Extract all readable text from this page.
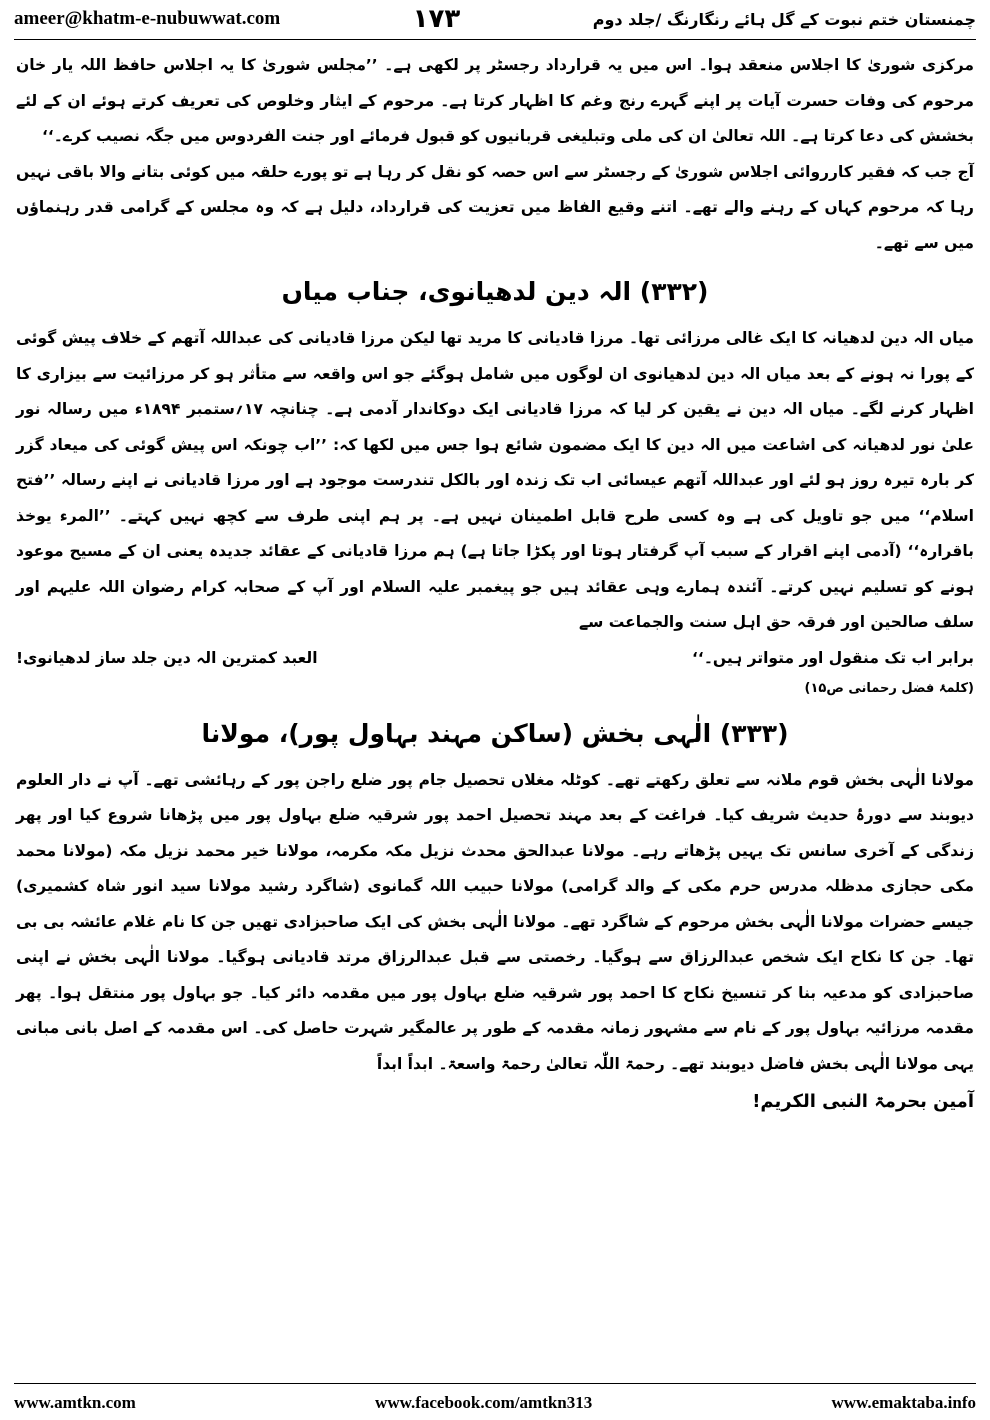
ameer@khatm-e-nubuwwat.com	۱۷۳	چمنستان ختم نبوت کے گل ہائے رنگارنگ /جلد دوم

مرکزی شوریٰ کا اجلاس منعقد ہوا۔ اس میں یہ قرارداد رجسٹر پر لکھی ہے۔ ’’مجلس شوریٰ کا یہ اجلاس حافظ اللہ یار خان مرحوم کی وفات حسرت آیات پر اپنے گہرے رنج وغم کا اظہار کرتا ہے۔ مرحوم کے ایثار وخلوص کی تعریف کرتے ہوئے ان کے لئے بخشش کی دعا کرتا ہے۔ اللہ تعالیٰ ان کی ملی وتبلیغی قربانیوں کو قبول فرمائے اور جنت الفردوس میں جگہ نصیب کرے۔‘‘

آج جب کہ فقیر کارروائی اجلاس شوریٰ کے رجسٹر سے اس حصہ کو نقل کر رہا ہے تو پورے حلقہ میں کوئی بتانے والا باقی نہیں رہا کہ مرحوم کہاں کے رہنے والے تھے۔ اتنے وقیع الفاظ میں تعزیت کی قرارداد، دلیل ہے کہ وہ مجلس کے گرامی قدر رہنماؤں میں سے تھے۔

(۳۳۲) الہ دین لدھیانوی، جناب میاں

میاں الہ دین لدھیانہ کا ایک غالی مرزائی تھا۔ مرزا قادیانی کا مرید تھا لیکن مرزا قادیانی کی عبداللہ آتھم کے خلاف پیش گوئی کے پورا نہ ہونے کے بعد میاں الہ دین لدھیانوی ان لوگوں میں شامل ہوگئے جو اس واقعہ سے متأثر ہو کر مرزائیت سے بیزاری کا اظہار کرنے لگے۔ میاں الہ دین نے یقین کر لیا کہ مرزا قادیانی ایک دوکاندار آدمی ہے۔ چنانچہ ۱۷؍ستمبر ۱۸۹۴ء میں رسالہ نور علیٰ نور لدھیانہ کی اشاعت میں الہ دین کا ایک مضمون شائع ہوا جس میں لکھا کہ: ’’اب چونکہ اس پیش گوئی کی میعاد گزر کر بارہ تیرہ روز ہو لئے اور عبداللہ آتھم عیسائی اب تک زندہ اور بالکل تندرست موجود ہے اور مرزا قادیانی نے اپنے رسالہ ’’فتح اسلام‘‘ میں جو تاویل کی ہے وہ کسی طرح قابل اطمینان نہیں ہے۔ پر ہم اپنی طرف سے کچھ نہیں کہتے۔ ’’المرء یوخذ باقرارہ‘‘ (آدمی اپنے اقرار کے سبب آپ گرفتار ہوتا اور پکڑا جاتا ہے) ہم مرزا قادیانی کے عقائد جدیدہ یعنی ان کے مسیح موعود ہونے کو تسلیم نہیں کرتے۔ آئندہ ہمارے وہی عقائد ہیں جو پیغمبر علیہ السلام اور آپ کے صحابہ کرام رضوان اللہ علیہم اور سلف صالحین اور فرقہ حق اہل سنت والجماعت سے

برابر اب تک منقول اور متواتر ہیں۔‘‘
العبد کمترین الہ دین جلد ساز لدھیانوی!
(کلمۂ فضل رحمانی ص۱۵)
(۳۳۳) الٰہی بخش (ساکن مہند بہاول پور)، مولانا

مولانا الٰہی بخش قوم ملانہ سے تعلق رکھتے تھے۔ کوٹلہ مغلاں تحصیل جام پور ضلع راجن پور کے رہائشی تھے۔ آپ نے دار العلوم دیوبند سے دورۂ حدیث شریف کیا۔ فراغت کے بعد مہند تحصیل احمد پور شرقیہ ضلع بہاول پور میں پڑھانا شروع کیا اور پھر زندگی کے آخری سانس تک یہیں پڑھاتے رہے۔ مولانا عبدالحق محدث نزیل مکہ مکرمہ، مولانا خیر محمد نزیل مکہ (مولانا محمد مکی حجازی مدظلہ مدرس حرم مکی کے والد گرامی) مولانا حبیب اللہ گمانوی (شاگرد رشید مولانا سید انور شاہ کشمیری) جیسے حضرات مولانا الٰہی بخش مرحوم کے شاگرد تھے۔ مولانا الٰہی بخش کی ایک صاحبزادی تھیں جن کا نام غلام عائشہ بی بی تھا۔ جن کا نکاح ایک شخص عبدالرزاق سے ہوگیا۔ رخصتی سے قبل عبدالرزاق مرتد قادیانی ہوگیا۔ مولانا الٰہی بخش نے اپنی صاحبزادی کو مدعیہ بنا کر تنسیخ نکاح کا احمد پور شرقیہ ضلع بہاول پور میں مقدمہ دائر کیا۔ جو بہاول پور منتقل ہوا۔ پھر مقدمہ مرزائیہ بہاول پور کے نام سے مشہور زمانہ مقدمہ کے طور پر عالمگیر شہرت حاصل کی۔ اس مقدمہ کے اصل بانی مبانی یہی مولانا الٰہی بخش فاضل دیوبند تھے۔ رحمۃ اللّٰہ تعالیٰ رحمۃ واسعۃ۔ ابداً ابداً

آمین بحرمۃ النبی الکریم!
www.amtkn.com	www.facebook.com/amtkn313	www.emaktaba.info
